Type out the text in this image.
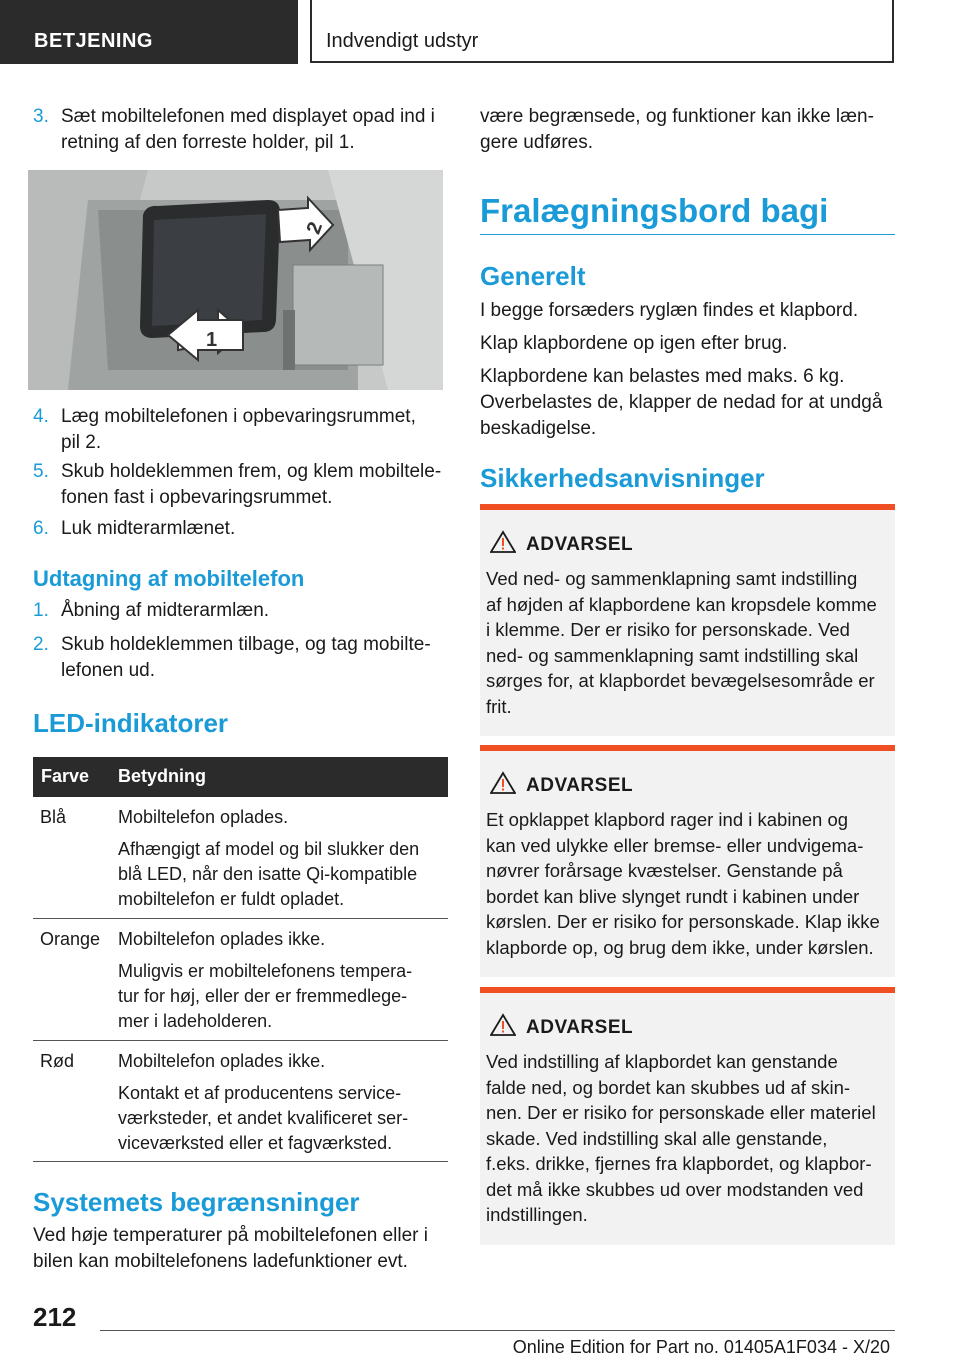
BETJENING	Indvendigt udstyr
3. Sæt mobiltelefonen med displayet opad ind i
retning af den forreste holder, pil 1.
1
2
4. Læg mobiltelefonen i opbevaringsrummet,
pil 2.
5. Skub holdeklemmen frem, og klem mobiltele-
fonen fast i opbevaringsrummet.
6. Luk midterarmlænet.
Udtagning af mobiltelefon
1. Åbning af midterarmlæn.
2. Skub holdeklemmen tilbage, og tag mobilte-
lefonen ud.
LED-indikatorer
Farve Betydning
Blå	Mobiltelefon oplades.
Afhængigt af model og bil slukker den
blå LED, når den isatte Qi-kompatible
mobiltelefon er fuldt opladet.
Orange Mobiltelefon oplades ikke.
Muligvis er mobiltelefonens tempera-
tur for høj, eller der er fremmedlege-
mer i ladeholderen.
Rød Mobiltelefon oplades ikke.
Kontakt et af producentens service-
værksteder, et andet kvalificeret ser-
viceværksted eller et fagværksted.
Systemets begrænsninger
Ved høje temperaturer på mobiltelefonen eller i
bilen kan mobiltelefonens ladefunktioner evt.
være begrænsede, og funktioner kan ikke læn-
gere udføres.
Fralægningsbord bagi
Generelt
I begge forsæders ryglæn findes et klapbord.
Klap klapbordene op igen efter brug.
Klapbordene kan belastes med maks. 6 kg.
Overbelastes de, klapper de nedad for at undgå
beskadigelse.
Sikkerhedsanvisninger
ADVARSEL
Ved ned- og sammenklapning samt indstilling
af højden af klapbordene kan kropsdele komme
i klemme. Der er risiko for personskade. Ved
ned- og sammenklapning samt indstilling skal
sørges for, at klapbordet bevægelsesområde er
frit.
ADVARSEL
Et opklappet klapbord rager ind i kabinen og
kan ved ulykke eller bremse- eller undvigema-
nøvrer forårsage kvæstelser. Genstande på
bordet kan blive slynget rundt i kabinen under
kørslen. Der er risiko for personskade. Klap ikke
klapborde op, og brug dem ikke, under kørslen.
ADVARSEL
Ved indstilling af klapbordet kan genstande
falde ned, og bordet kan skubbes ud af skin-
nen. Der er risiko for personskade eller materiel
skade. Ved indstilling skal alle genstande,
f.eks. drikke, fjernes fra klapbordet, og klapbor-
det må ikke skubbes ud over modstanden ved
indstillingen.
212
Online Edition for Part no. 01405A1F034 - X/20
